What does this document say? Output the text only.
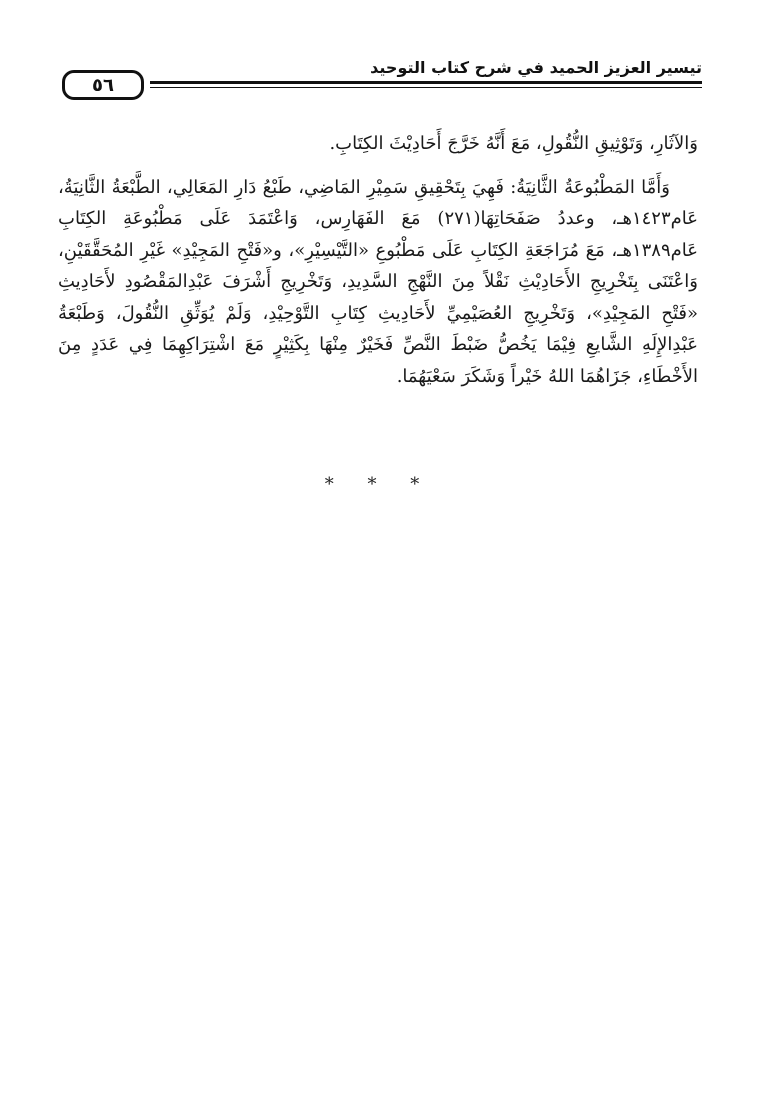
٥٦
تيسير العزيز الحميد في شرح كتاب التوحيد

وَالآثَارِ، وَتَوْثِيقِ النُّقُولِ، مَعَ أَنَّهُ خَرَّجَ أَحَادِيْثَ الكِتَابِ.

وَأَمَّا المَطْبُوعَةُ الثَّانِيَةُ: فَهِيَ بِتَحْقِيقِ سَمِيْرِ المَاضِي، طَبْعُ دَارِ المَعَالِي، الطَّبْعَةُ الثَّانِيَةُ، عَام١٤٢٣هـ، وعددُ صَفَحَاتِهَا(٢٧١) مَعَ الفَهَارِس، وَاعْتَمَدَ عَلَى مَطْبُوعَةِ الكِتَابِ عَام١٣٨٩هـ، مَعَ مُرَاجَعَةِ الكِتَابِ عَلَى مَطْبُوعِ «التَّيْسِيْرِ»، و«فَتْحِ المَجِيْدِ» غَيْرِ المُحَقَّقَيْنِ، وَاعْتَنَى بِتَخْرِيجِ الأَحَادِيْثِ نَقْلاً مِنَ النَّهْجِ السَّدِيدِ، وَتَخْرِيجِ أَشْرَفَ عَبْدِالمَقْصُودِ لأَحَادِيثِ «فَتْحِ المَجِيْدِ»، وَتَخْرِيجِ العُصَيْمِيِّ لأَحَادِيثِ كِتَابِ التَّوْحِيْدِ، وَلَمْ يُوَثِّقِ النُّقُولَ، وَطَبْعَةُ عَبْدِالإِلَهِ الشَّايعِ فِيْمَا يَخُصُّ ضَبْطَ النَّصِّ فَخَيْرٌ مِنْهَا بِكَثِيْرٍ مَعَ اشْتِرَاكِهِمَا فِي عَدَدٍ مِنَ الأَخْطَاءِ، جَزَاهُمَا اللهُ خَيْراً وَشَكَرَ سَعْيَهُمَا.

* * *
